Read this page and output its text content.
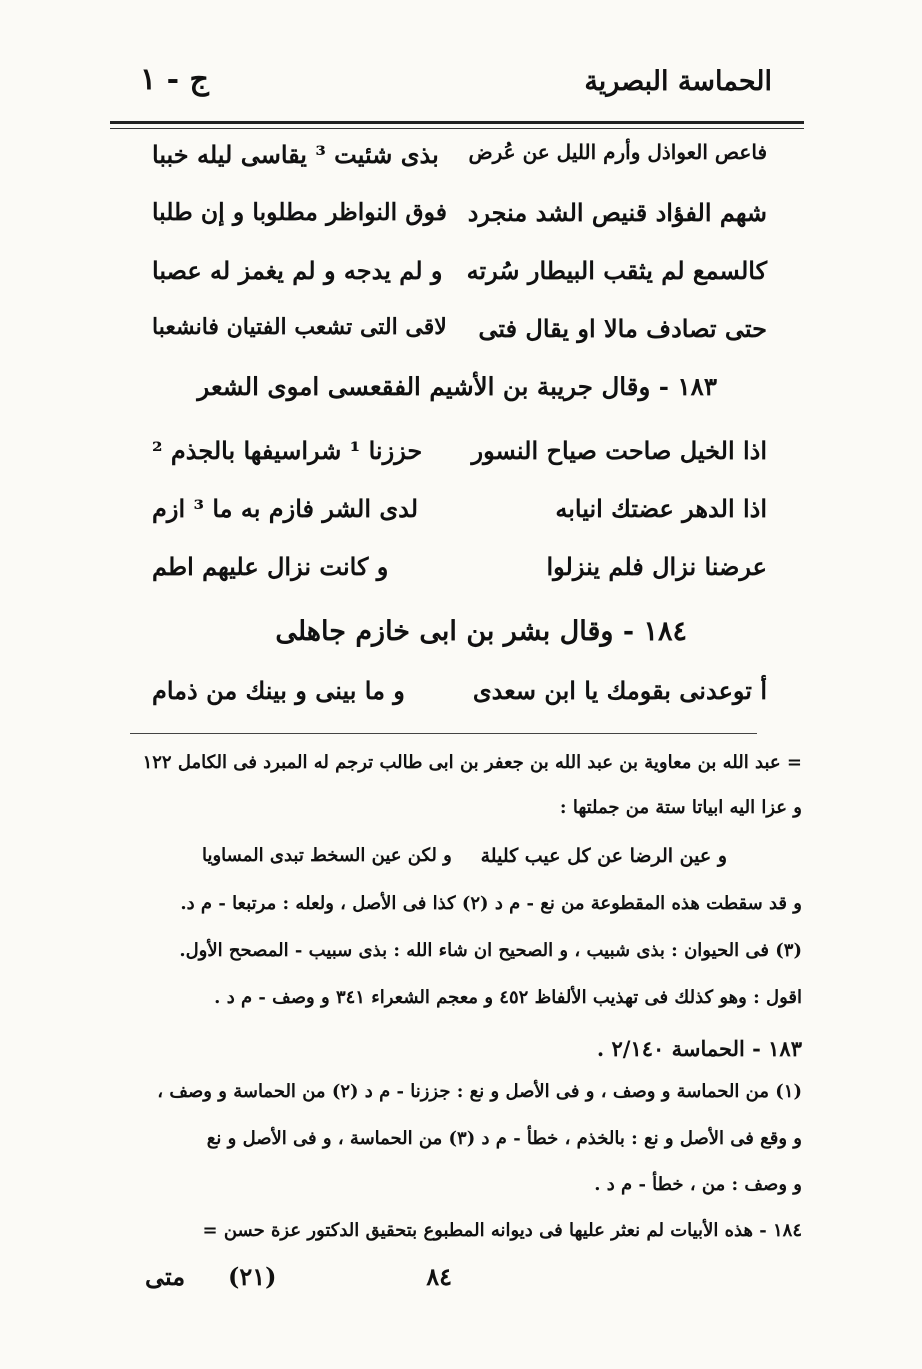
الحماسة البصرية
ج - ١
فاعص العواذل وأرم الليل عن عُرض
بذى شئيت ³ يقاسى ليله خببا
شهم الفؤاد قنيص الشد منجرد
فوق النواظر مطلوبا و إن طلبا
كالسمع لم يثقب البيطار سُرته
و لم يدجه و لم يغمز له عصبا
حتى تصادف مالا او يقال فتى
لاقى التى تشعب الفتيان فانشعبا
١٨٣ - وقال جريبة بن الأشيم الفقعسى اموى الشعر
اذا الخيل صاحت صياح النسور
حززنا ¹ شراسيفها بالجذم ²
اذا الدهر عضتك انيابه
لدى الشر فازم به ما ³ ازم
عرضنا نزال فلم ينزلوا
و كانت نزال عليهم اطم
١٨٤ - وقال بشر بن ابى خازم جاهلى
أ توعدنى بقومك يا ابن سعدى
و ما بينى و بينك من ذمام
= عبد الله بن معاوية بن عبد الله بن جعفر بن ابى طالب ترجم له المبرد فى الكامل ١٢٢
و عزا اليه ابياتا ستة من جملتها :
و عين الرضا عن كل عيب كليلة
و لكن عين السخط تبدى المساويا
و قد سقطت هذه المقطوعة من نع - م د (٢) كذا فى الأصل ، ولعله : مرتبعا - م د.
(٣) فى الحيوان : بذى شبيب ، و الصحيح ان شاء الله : بذى سبيب - المصحح الأول.
اقول : وهو كذلك فى تهذيب الألفاظ ٤٥٢ و معجم الشعراء ٣٤١ و وصف - م د .
١٨٣ - الحماسة ٢/١٤٠ .
(١) من الحماسة و وصف ، و فى الأصل و نع : جززنا - م د (٢) من الحماسة و وصف ،
و وقع فى الأصل و نع : بالخذم ، خطأ - م د (٣) من الحماسة ، و فى الأصل و نع
و وصف : من ، خطأ - م د .
١٨٤ - هذه الأبيات لم نعثر عليها فى ديوانه المطبوع بتحقيق الدكتور عزة حسن =
٨٤
(٢١)
متى
